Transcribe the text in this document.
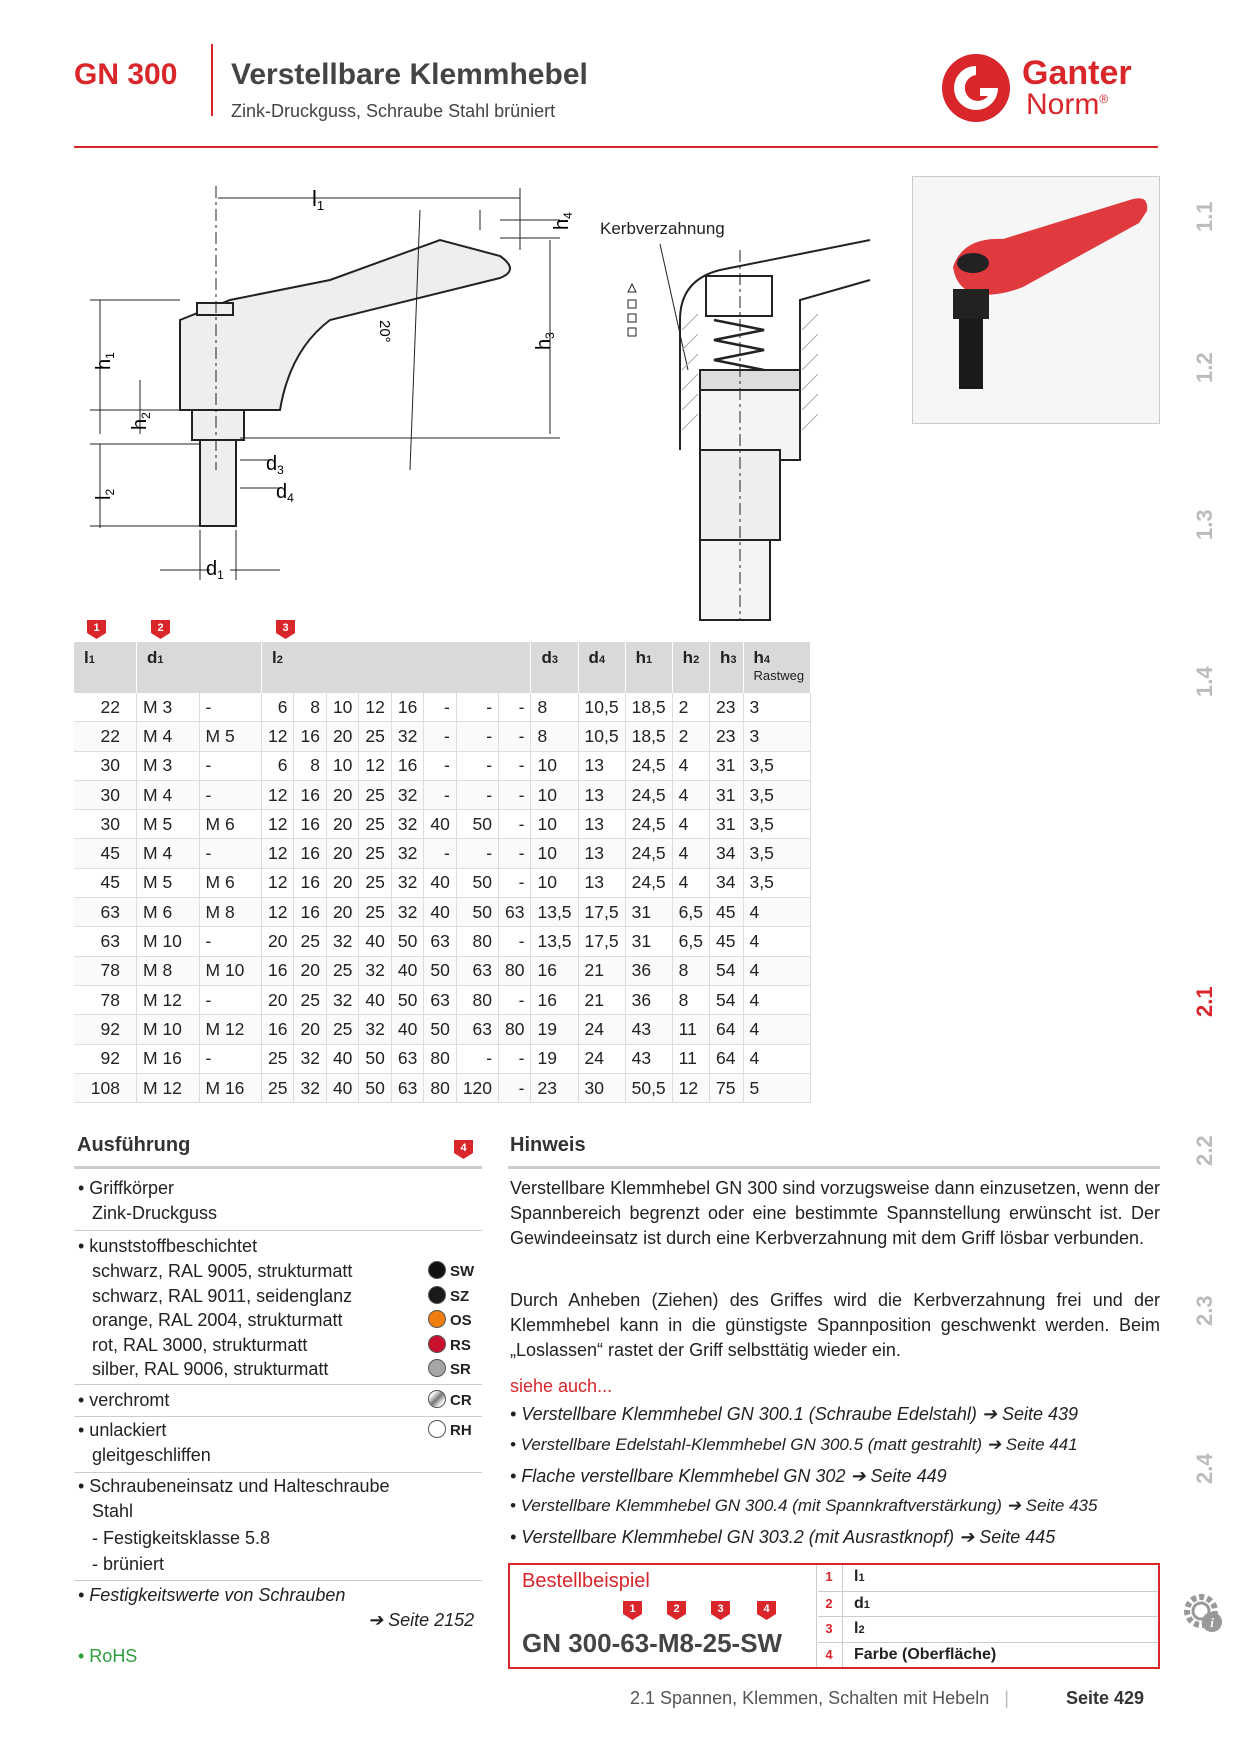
GN 300 Verstellbare Klemmhebel
Zink-Druckguss, Schraube Stahl brüniert
Ganter
Norm®
1.1
1.2
1.3
1.4
2.1
2.2
2.3
2.4
i
l1
$h_4$
$h_3$
$h_1$
$h_2$
$l_2$
$d_3$
$d_4$
$d_1$
20°
Kerbverzahnung
1	2	3
l1	d1		l2								d3	d4	h1	h2	h3	h4
Rastweg

22	M 3	-	6	8	10	12	16	-	-	-	8	10,5	18,5	2	23	3
22	M 4	M 5	12	16	20	25	32	-	-	-	8	10,5	18,5	2	23	3
30	M 3	-	6	8	10	12	16	-	-	-	10	13	24,5	4	31	3,5
30	M 4	-	12	16	20	25	32	-	-	-	10	13	24,5	4	31	3,5
30	M 5	M 6	12	16	20	25	32	40	50	-	10	13	24,5	4	31	3,5
45	M 4	-	12	16	20	25	32	-	-	-	10	13	24,5	4	34	3,5
45	M 5	M 6	12	16	20	25	32	40	50	-	10	13	24,5	4	34	3,5
63	M 6	M 8	12	16	20	25	32	40	50	63	13,5	17,5	31	6,5	45	4
63	M 10	-	20	25	32	40	50	63	80	-	13,5	17,5	31	6,5	45	4
78	M 8	M 10	16	20	25	32	40	50	63	80	16	21	36	8	54	4
78	M 12	-	20	25	32	40	50	63	80	-	16	21	36	8	54	4
92	M 10	M 12	16	20	25	32	40	50	63	80	19	24	43	11	64	4
92	M 16	-	25	32	40	50	63	80	-	-	19	24	43	11	64	4
108	M 12	M 16	25	32	40	50	63	80	120	-	23	30	50,5	12	75	5
Ausführung	4
• Griffkörper
Zink-Druckguss
• kunststoffbeschichtet
schwarz, RAL 9005, strukturmatt	SW
schwarz, RAL 9011, seidenglanz	SZ
orange, RAL 2004, strukturmatt	OS
rot, RAL 3000, strukturmatt	RS
silber, RAL 9006, strukturmatt	SR
• verchromt	CR
• unlackiert
gleitgeschliffen
RH
• Schraubeneinsatz und Halteschraube
Stahl
- Festigkeitsklasse 5.8
- brüniert
• Festigkeitswerte von Schrauben
➔ Seite 2152
• RoHS
Hinweis
Verstellbare Klemmhebel GN 300 sind vorzugsweise dann einzusetzen, wenn der Spannbereich begrenzt oder eine bestimmte Spannstellung erwünscht ist. Der Gewindeeinsatz ist durch eine Kerbverzahnung mit dem Griff lösbar verbunden.
Durch Anheben (Ziehen) des Griffes wird die Kerbverzahnung frei und der Klemmhebel kann in die günstigste Spannposition geschwenkt werden. Beim „Loslassen“ rastet der Griff selbsttätig wieder ein.
siehe auch...
• Verstellbare Klemmhebel GN 300.1 (Schraube Edelstahl) ➔ Seite 439
• Verstellbare Edelstahl-Klemmhebel GN 300.5 (matt gestrahlt) ➔ Seite 441
• Flache verstellbare Klemmhebel GN 302 ➔ Seite 449
• Verstellbare Klemmhebel GN 300.4 (mit Spannkraftverstärkung) ➔ Seite 435
• Verstellbare Klemmhebel GN 303.2 (mit Ausrastknopf) ➔ Seite 445
Bestellbeispiel
1	2	3	4
GN 300-63-M8-25-SW
1	l1
2	d1
3	l2
4	Farbe (Oberfläche)
2.1 Spannen, Klemmen, Schalten mit Hebeln |	Seite 429
